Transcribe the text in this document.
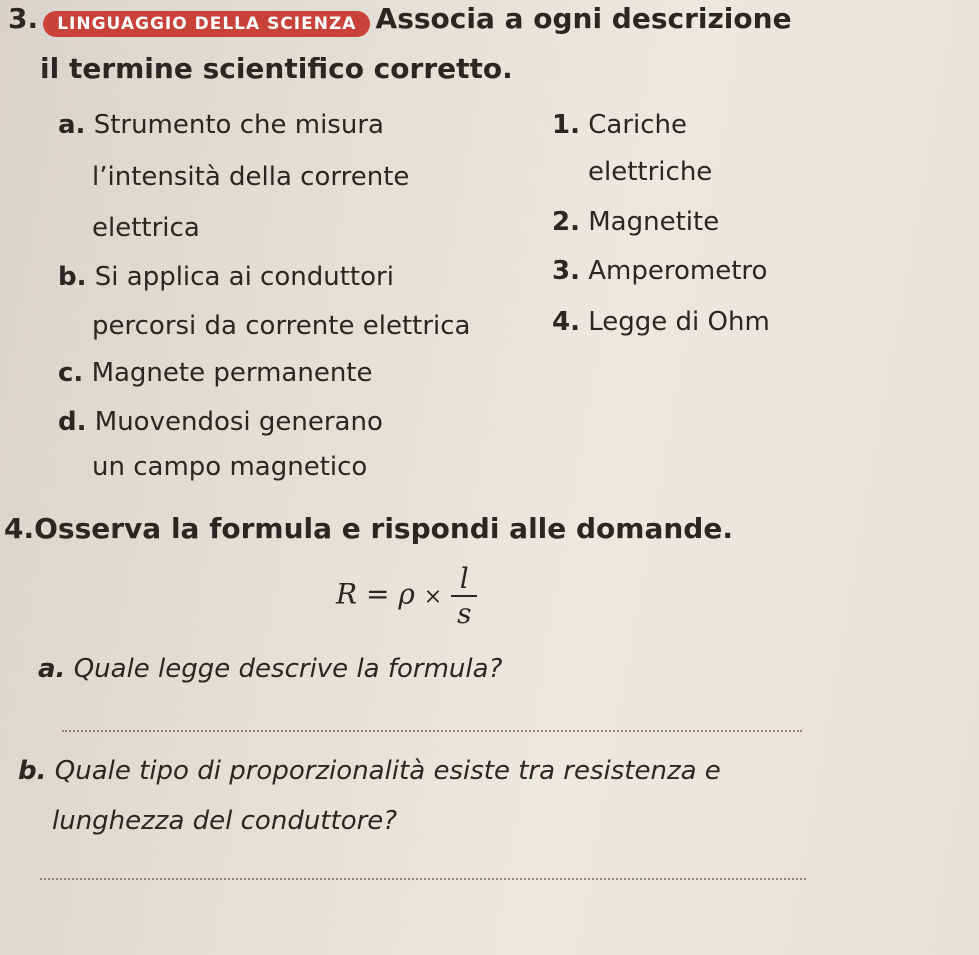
3. LINGUAGGIO DELLA SCIENZA Associa a ogni descrizione
il termine scientifico corretto.
a. Strumento che misura
l’intensità della corrente
elettrica
b. Si applica ai conduttori
percorsi da corrente elettrica
c. Magnete permanente
d. Muovendosi generano
un campo magnetico
1. Cariche
elettriche
2. Magnetite
3. Amperometro
4. Legge di Ohm
4.Osserva la formula e rispondi alle domande.
$R = \rho \times \frac{l}{s}$
a. Quale legge descrive la formula?
b. Quale tipo di proporzionalità esiste tra resistenza e
lunghezza del conduttore?
